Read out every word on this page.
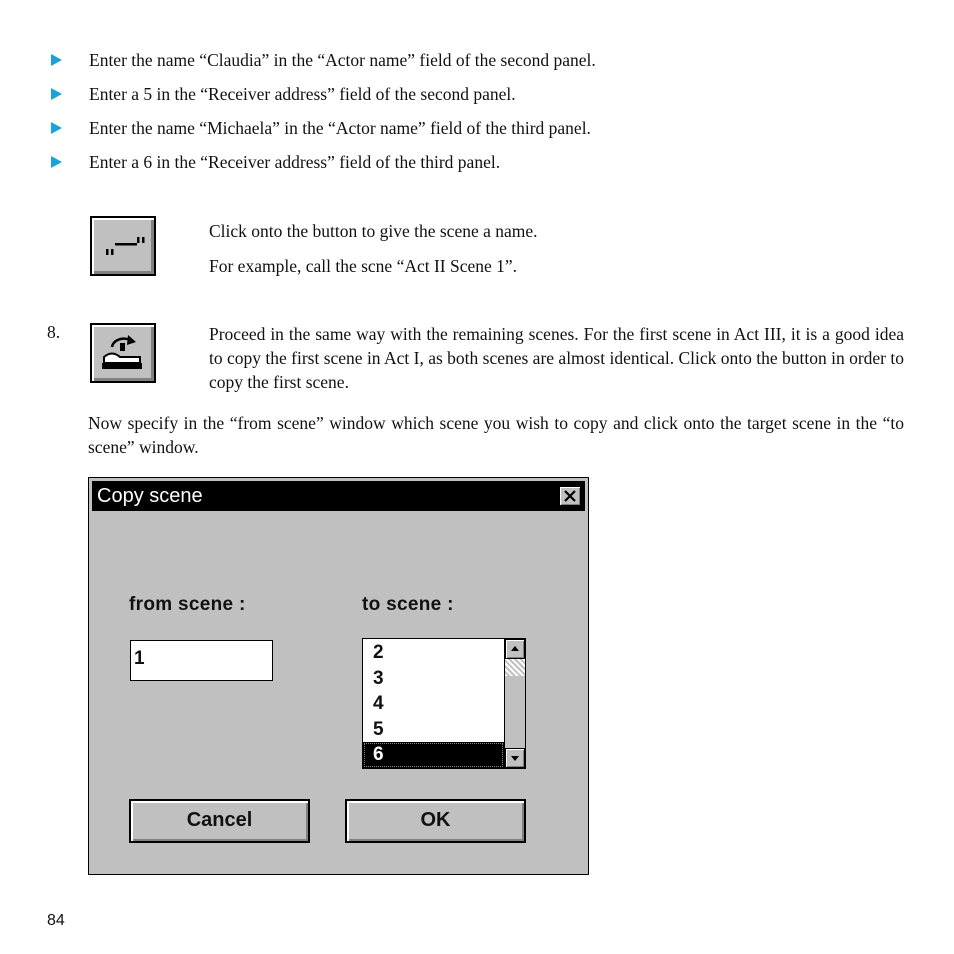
Enter the name “Claudia” in the “Actor name” field of the second panel.
Enter a 5 in the “Receiver address” field of the second panel.
Enter the name “Michaela” in the “Actor name” field of the third panel.
Enter a 6 in the “Receiver address” field of the third panel.
Click onto the button to give the scene a name.
For example, call the scne “Act II Scene 1”.
8.	Proceed in the same way with the remaining scenes. For the first scene in Act III, it is a good idea to copy the first scene in Act I, as both scenes are almost identical. Click onto the button in order to copy the first scene.
Now specify in the “from scene” window which scene you wish to copy and click onto the target scene in the “to scene” window.
Copy scene
from scene :	to scene :
1	2
3
4
5
6
Cancel	OK
84
